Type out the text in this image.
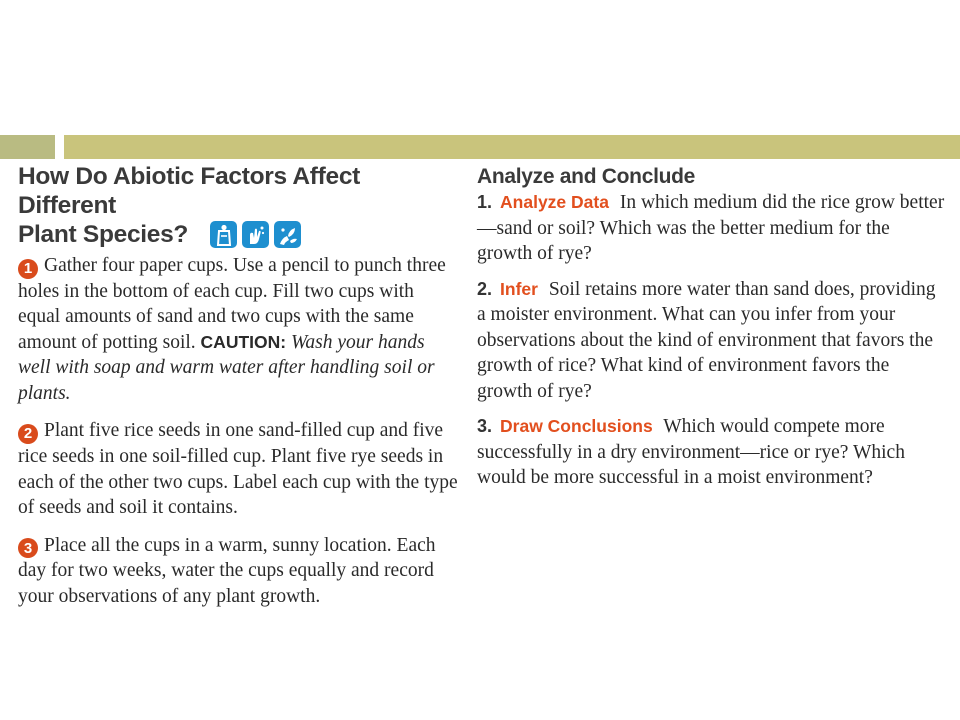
How Do Abiotic Factors Affect Different

Plant Species?

1 Gather four paper cups. Use a pencil to punch three holes in the bottom of each cup. Fill two cups with equal amounts of sand and two cups with the same amount of potting soil. CAUTION: Wash your hands well with soap and warm water after handling soil or plants.

2 Plant five rice seeds in one sand-filled cup and five rice seeds in one soil-filled cup. Plant five rye seeds in each of the other two cups. Label each cup with the type of seeds and soil it contains.

3 Place all the cups in a warm, sunny location. Each day for two weeks, water the cups equally and record your observations of any plant growth.

Analyze and Conclude

1. Analyze Data In which medium did the rice grow better—sand or soil? Which was the better medium for the growth of rye?

2. Infer Soil retains more water than sand does, providing a moister environment. What can you infer from your observations about the kind of environment that favors the growth of rice? What kind of environment favors the growth of rye?

3. Draw Conclusions Which would compete more successfully in a dry environment—rice or rye? Which would be more successful in a moist environment?
